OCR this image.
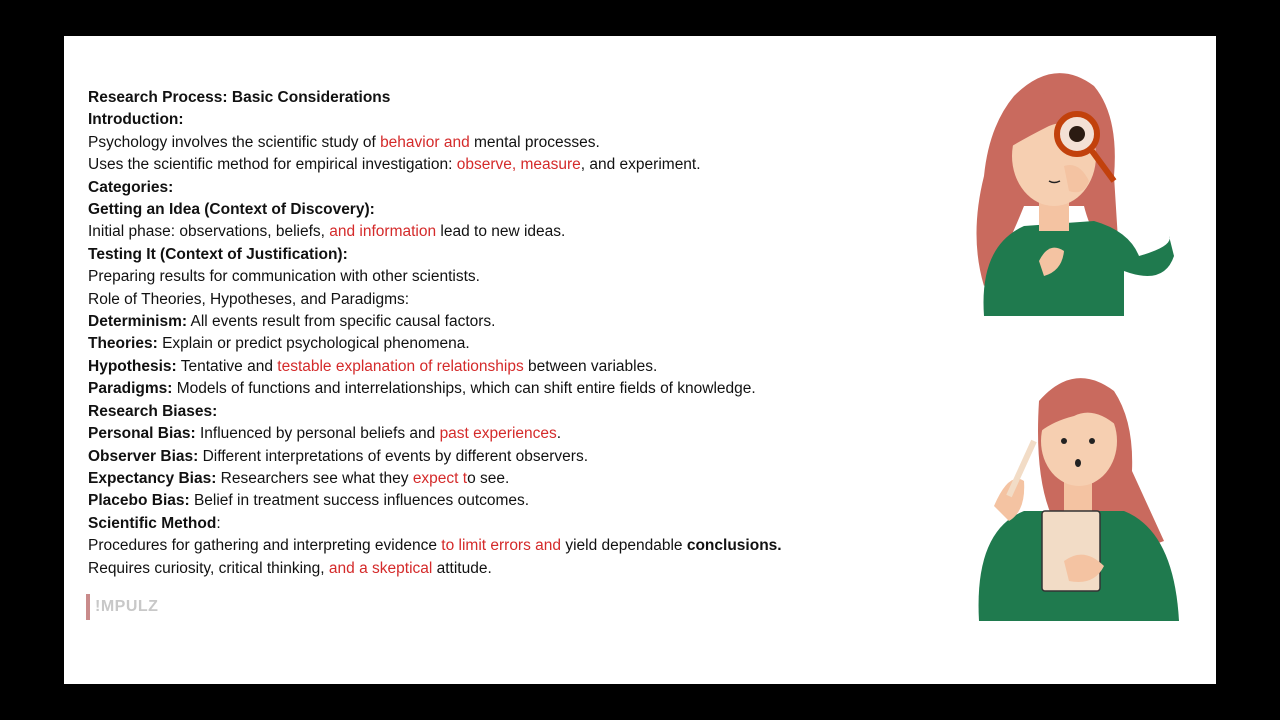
Research Process: Basic Considerations
Introduction:
Psychology involves the scientific study of behavior and mental processes.
Uses the scientific method for empirical investigation: observe, measure, and experiment.
Categories:
Getting an Idea (Context of Discovery):
Initial phase: observations, beliefs, and information lead to new ideas.
Testing It (Context of Justification):
Preparing results for communication with other scientists.
Role of Theories, Hypotheses, and Paradigms:
Determinism: All events result from specific causal factors.
Theories: Explain or predict psychological phenomena.
Hypothesis: Tentative and testable explanation of relationships between variables.
Paradigms: Models of functions and interrelationships, which can shift entire fields of knowledge.
Research Biases:
Personal Bias: Influenced by personal beliefs and past experiences.
Observer Bias: Different interpretations of events by different observers.
Expectancy Bias: Researchers see what they expect to see.
Placebo Bias: Belief in treatment success influences outcomes.
Scientific Method:
Procedures for gathering and interpreting evidence to limit errors and yield dependable conclusions.
Requires curiosity, critical thinking, and a skeptical attitude.
!MPULZ
